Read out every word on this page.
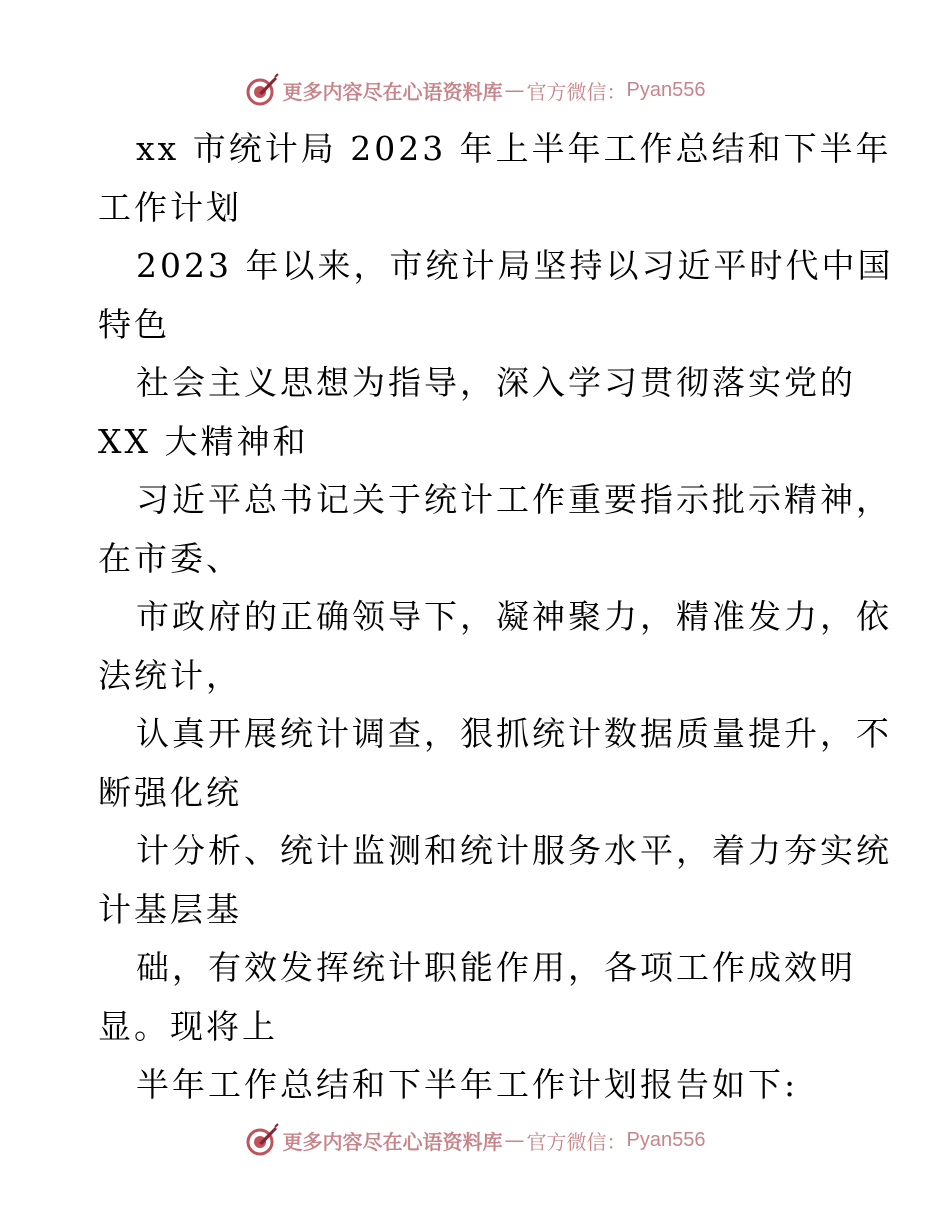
更多内容尽在心语资料库 — 官方微信： Pyan556
xx 市统计局 2023 年上半年工作总结和下半年
工作计划
2023 年以来，市统计局坚持以习近平时代中国
特色
社会主义思想为指导，深入学习贯彻落实党的
XX 大精神和
习近平总书记关于统计工作重要指示批示精神，
在市委、
市政府的正确领导下，凝神聚力，精准发力，依
法统计，
认真开展统计调查，狠抓统计数据质量提升，不
断强化统
计分析、统计监测和统计服务水平，着力夯实统
计基层基
础，有效发挥统计职能作用，各项工作成效明
显。现将上
半年工作总结和下半年工作计划报告如下:
更多内容尽在心语资料库 — 官方微信： Pyan556
